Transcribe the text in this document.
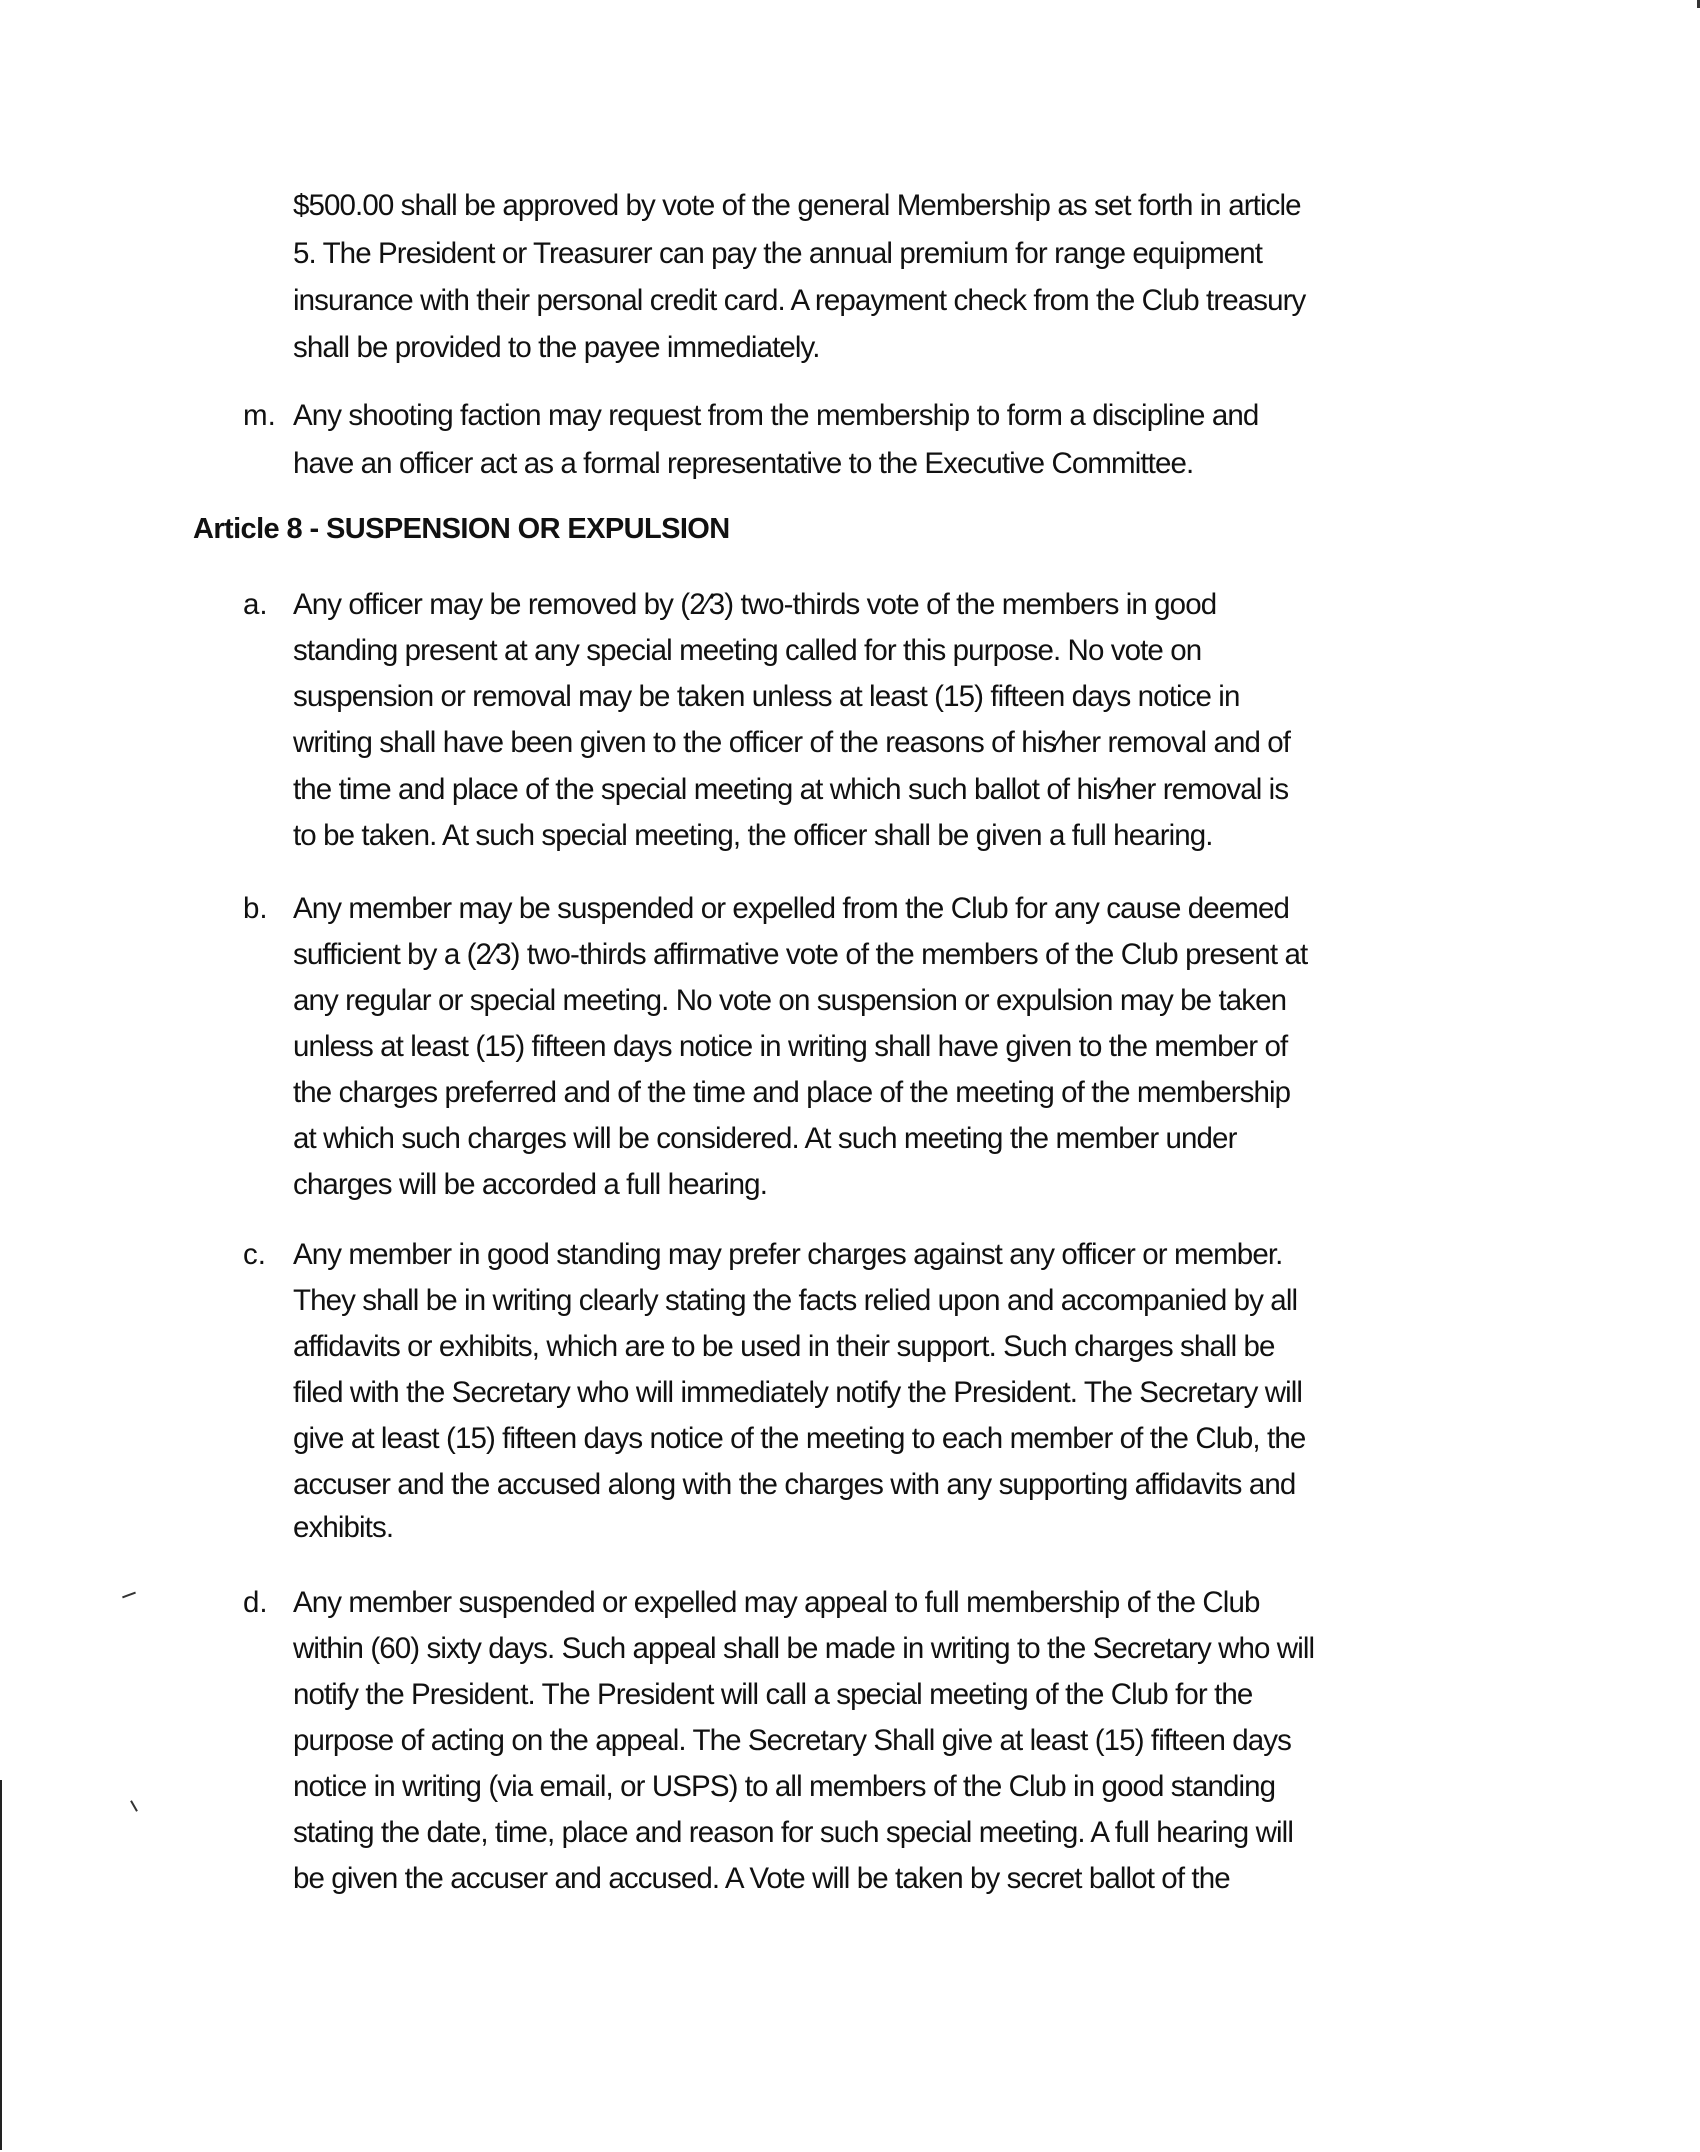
$500.00 shall be approved by vote of the general Membership as set forth in article
5. The President or Treasurer can pay the annual premium for range equipment
insurance with their personal credit card. A repayment check from the Club treasury
shall be provided to the payee immediately.
m. Any shooting faction may request from the membership to form a discipline and
have an officer act as a formal representative to the Executive Committee.
Article 8 - SUSPENSION OR EXPULSION
a. Any officer may be removed by (2⁄3) two-thirds vote of the members in good
standing present at any special meeting called for this purpose. No vote on
suspension or removal may be taken unless at least (15) fifteen days notice in
writing shall have been given to the officer of the reasons of his⁄her removal and of
the time and place of the special meeting at which such ballot of his⁄her removal is
to be taken. At such special meeting, the officer shall be given a full hearing.
b. Any member may be suspended or expelled from the Club for any cause deemed
sufficient by a (2⁄3) two-thirds affirmative vote of the members of the Club present at
any regular or special meeting. No vote on suspension or expulsion may be taken
unless at least (15) fifteen days notice in writing shall have given to the member of
the charges preferred and of the time and place of the meeting of the membership
at which such charges will be considered. At such meeting the member under
charges will be accorded a full hearing.
c. Any member in good standing may prefer charges against any officer or member.
They shall be in writing clearly stating the facts relied upon and accompanied by all
affidavits or exhibits, which are to be used in their support. Such charges shall be
filed with the Secretary who will immediately notify the President. The Secretary will
give at least (15) fifteen days notice of the meeting to each member of the Club, the
accuser and the accused along with the charges with any supporting affidavits and
exhibits.
d. Any member suspended or expelled may appeal to full membership of the Club
within (60) sixty days. Such appeal shall be made in writing to the Secretary who will
notify the President. The President will call a special meeting of the Club for the
purpose of acting on the appeal. The Secretary Shall give at least (15) fifteen days
notice in writing (via email, or USPS) to all members of the Club in good standing
stating the date, time, place and reason for such special meeting. A full hearing will
be given the accuser and accused. A Vote will be taken by secret ballot of the
